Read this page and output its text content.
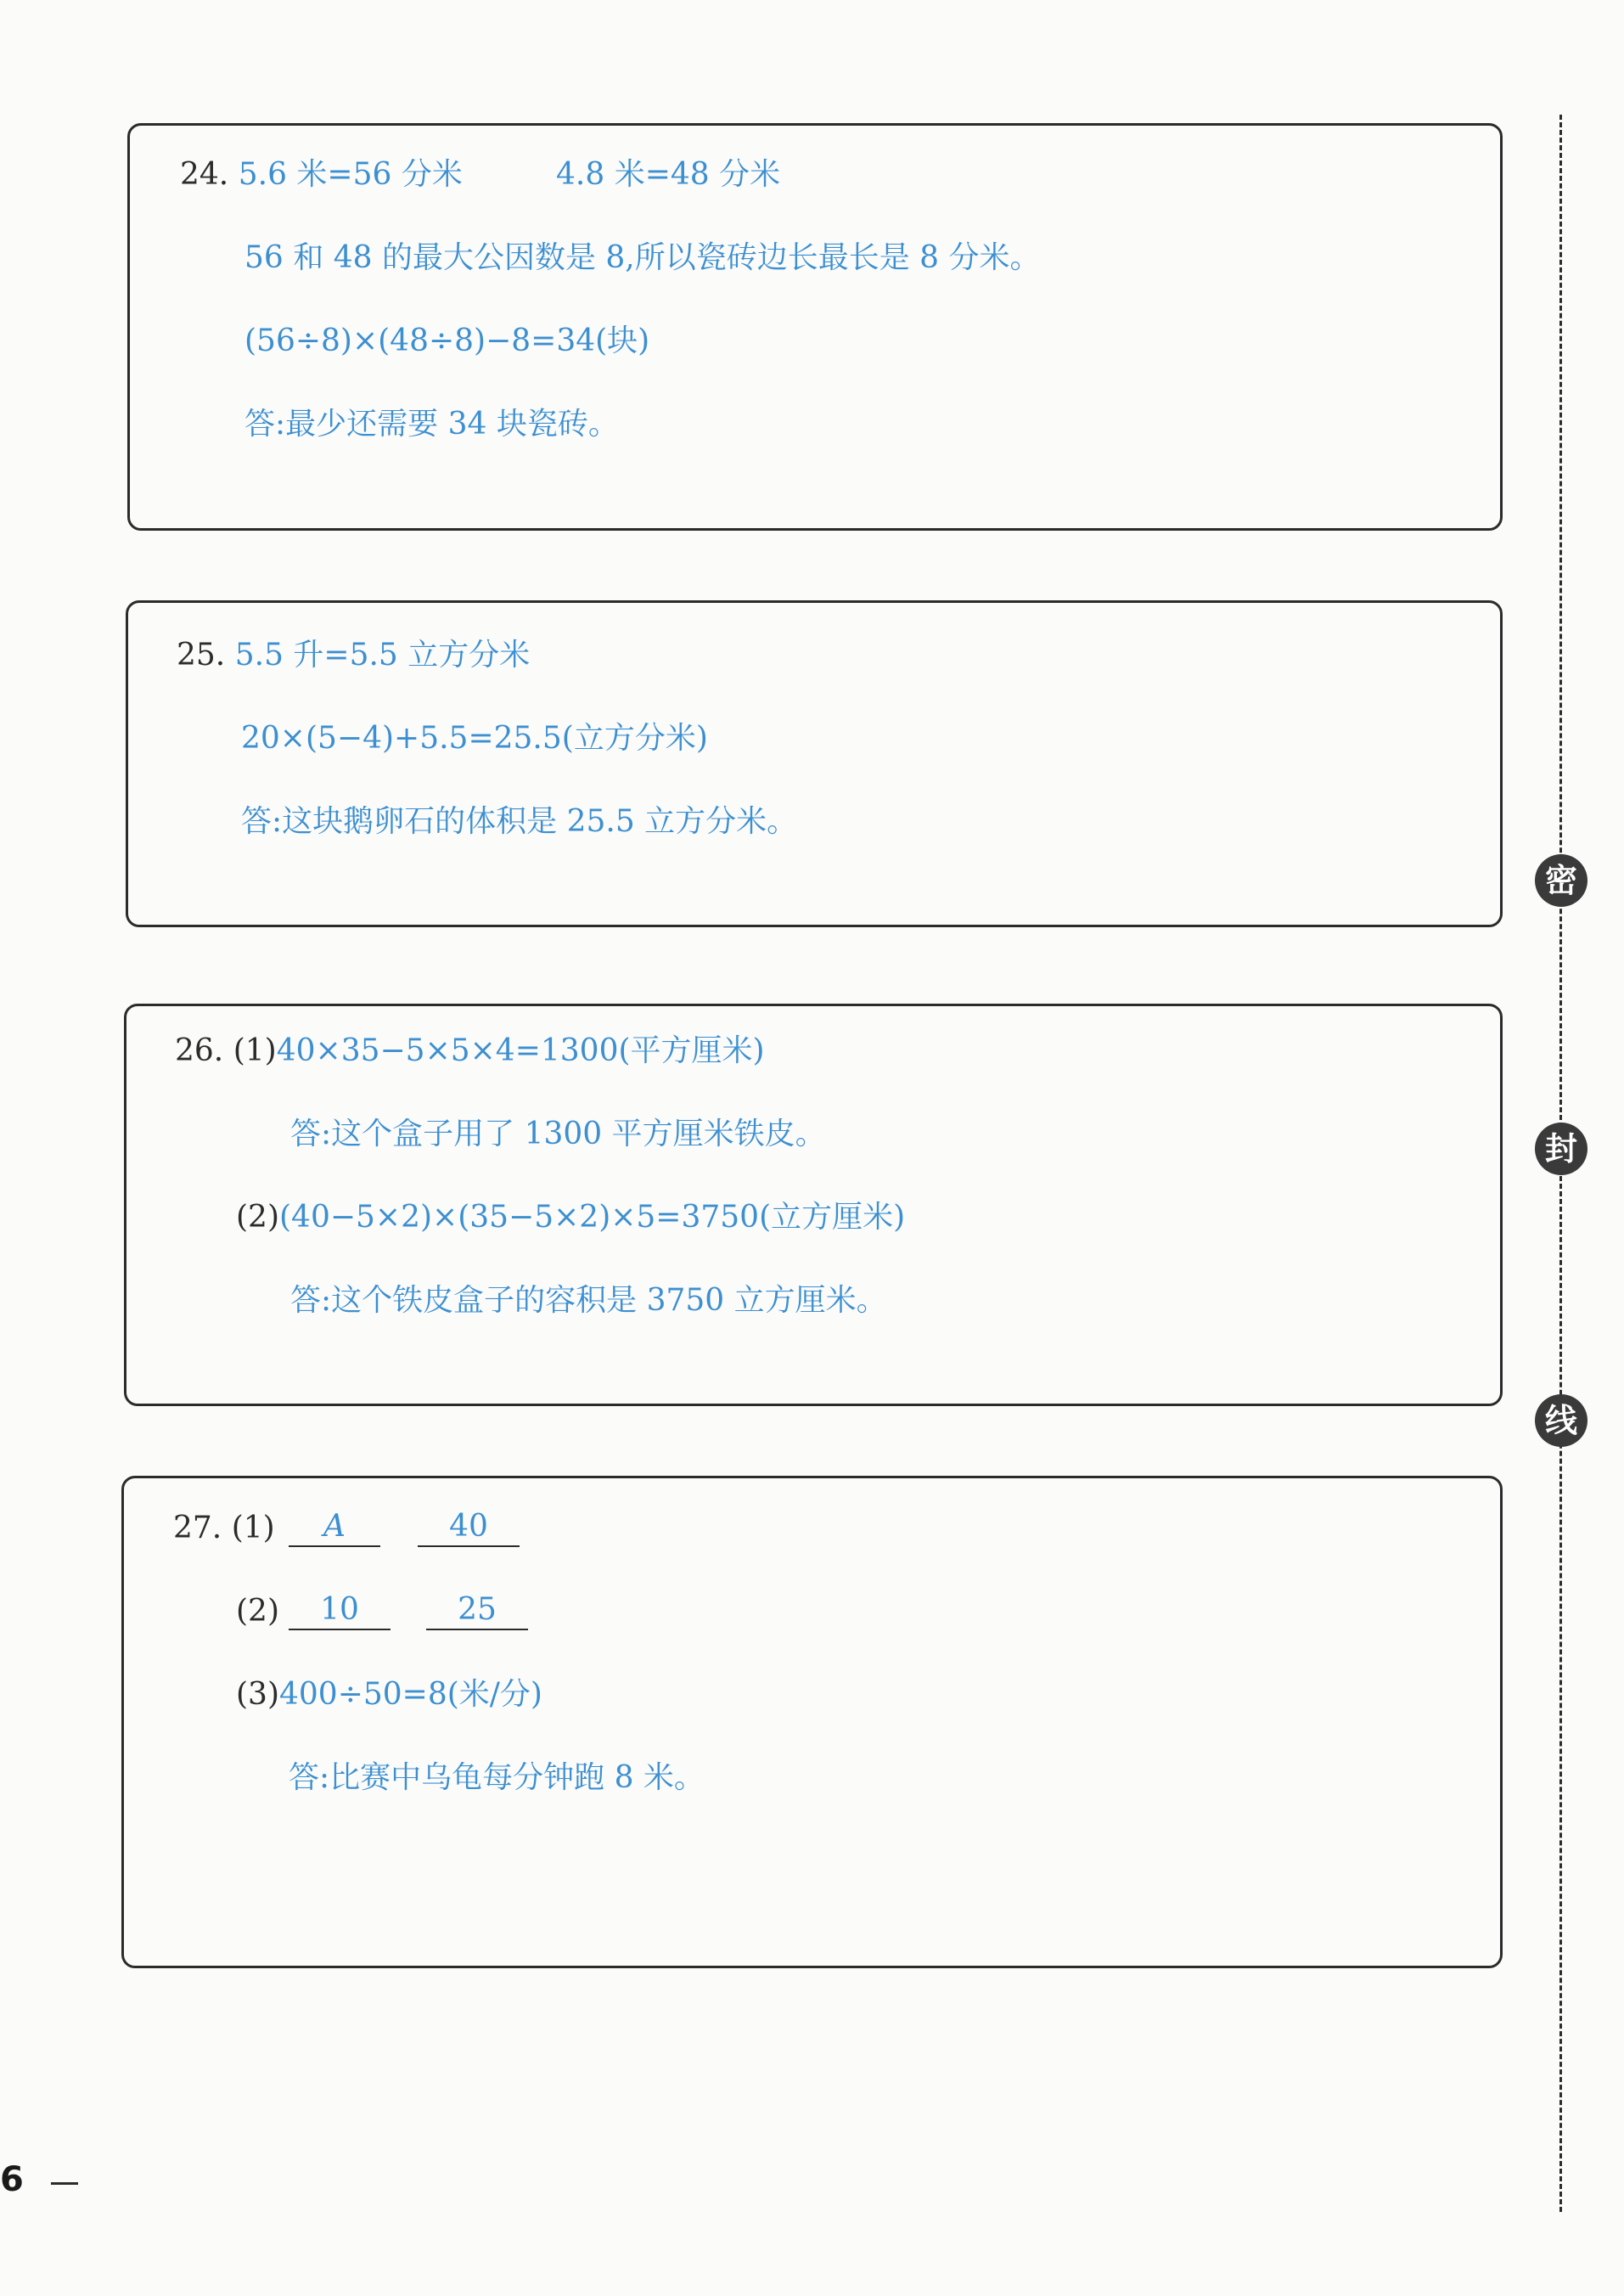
24. 5.6 米=56 分米	4.8 米=48 分米
56 和 48 的最大公因数是 8,所以瓷砖边长最长是 8 分米。
(56÷8)×(48÷8)−8=34(块)
答:最少还需要 34 块瓷砖。
25. 5.5 升=5.5 立方分米
20×(5−4)+5.5=25.5(立方分米)
答:这块鹅卵石的体积是 25.5 立方分米。
26. (1)40×35−5×5×4=1300(平方厘米)
答:这个盒子用了 1300 平方厘米铁皮。
(2)(40−5×2)×(35−5×2)×5=3750(立方厘米)
答:这个铁皮盒子的容积是 3750 立方厘米。
27. (1)	A	40
(2)	10	25
(3)400÷50=8(米/分)
答:比赛中乌龟每分钟跑 8 米。
密
封
线
6
